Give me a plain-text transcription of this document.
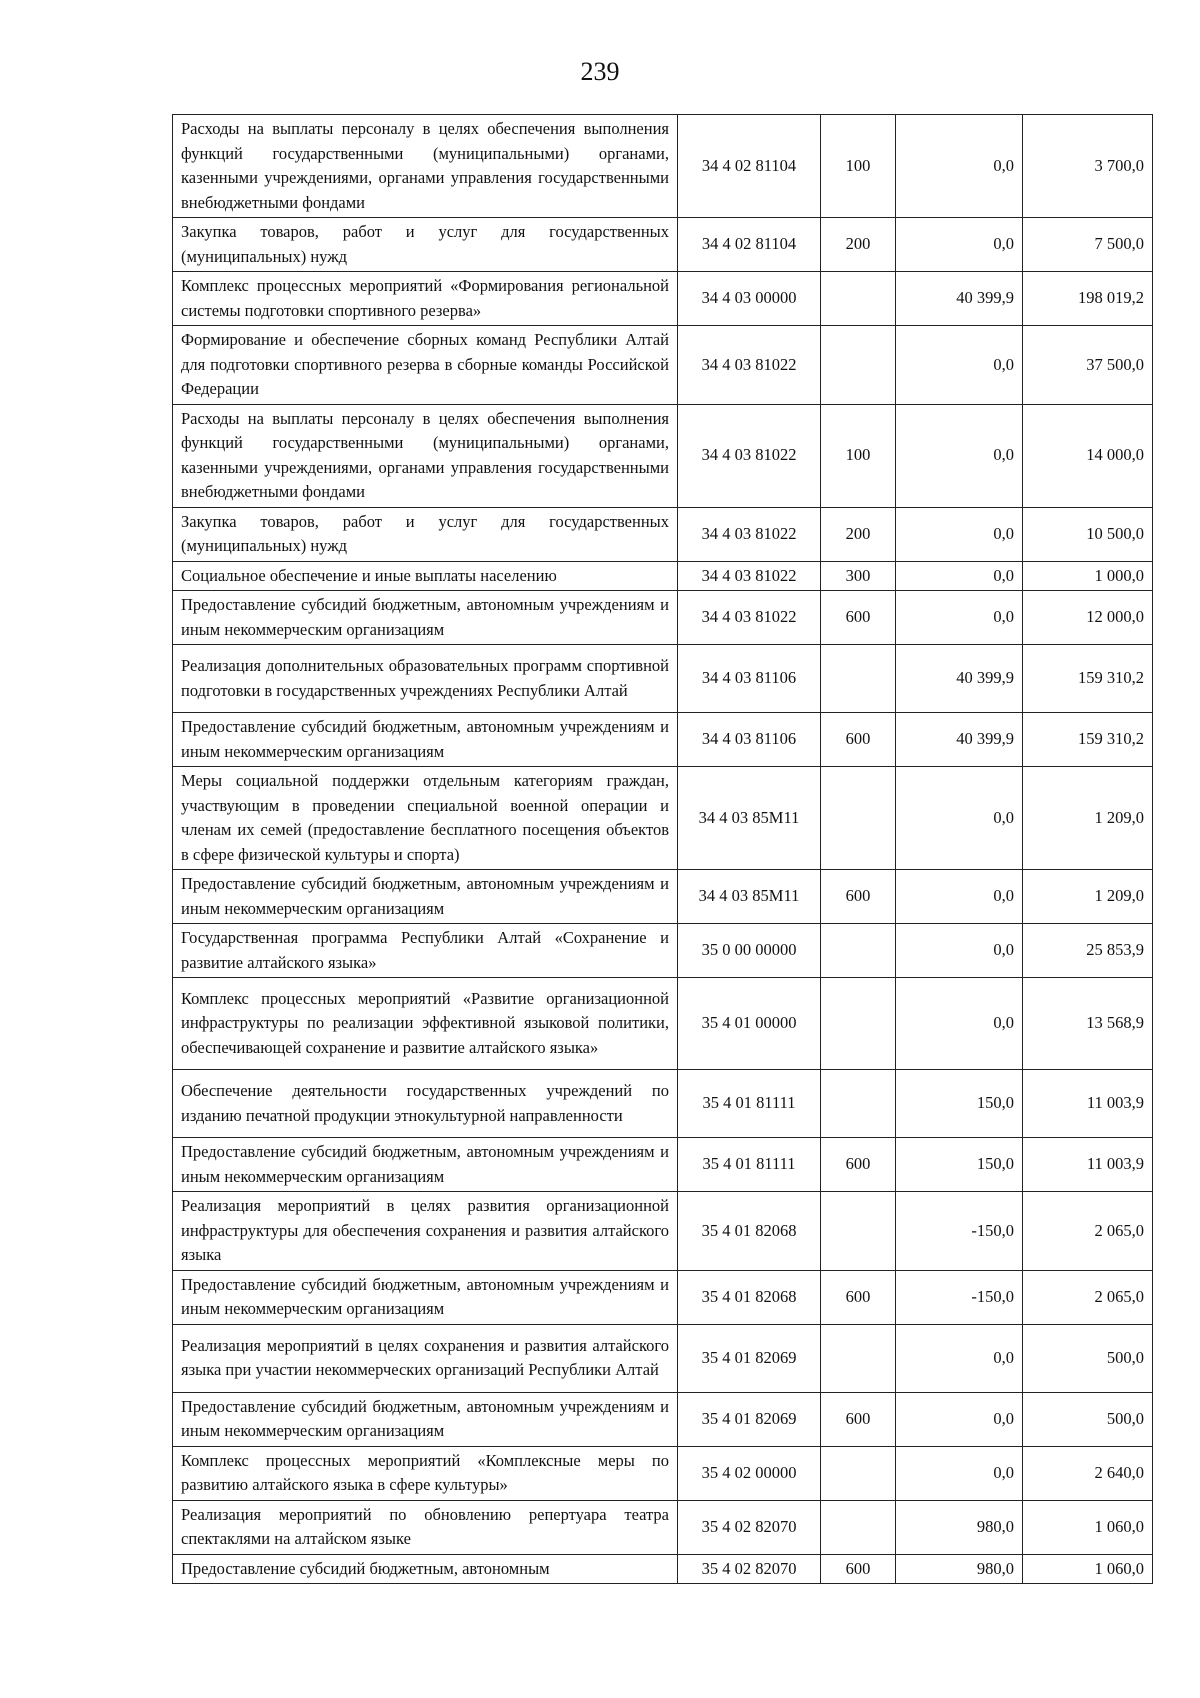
239
Расходы на выплаты персоналу в целях обеспечения выполнения функций государственными (муниципальными) органами, казенными учреждениями, органами управления государственными внебюджетными фондами	34 4 02 81104	100	0,0	3 700,0
Закупка товаров, работ и услуг для государственных (муниципальных) нужд	34 4 02 81104	200	0,0	7 500,0
Комплекс процессных мероприятий «Формирования региональной системы подготовки спортивного резерва»	34 4 03 00000		40 399,9	198 019,2
Формирование и обеспечение сборных команд Республики Алтай для подготовки спортивного резерва в сборные команды Российской Федерации	34 4 03 81022		0,0	37 500,0
Расходы на выплаты персоналу в целях обеспечения выполнения функций государственными (муниципальными) органами, казенными учреждениями, органами управления государственными внебюджетными фондами	34 4 03 81022	100	0,0	14 000,0
Закупка товаров, работ и услуг для государственных (муниципальных) нужд	34 4 03 81022	200	0,0	10 500,0
Социальное обеспечение и иные выплаты населению	34 4 03 81022	300	0,0	1 000,0
Предоставление субсидий бюджетным, автономным учреждениям и иным некоммерческим организациям	34 4 03 81022	600	0,0	12 000,0
Реализация дополнительных образовательных программ спортивной подготовки в государственных учреждениях Республики Алтай	34 4 03 81106		40 399,9	159 310,2
Предоставление субсидий бюджетным, автономным учреждениям и иным некоммерческим организациям	34 4 03 81106	600	40 399,9	159 310,2
Меры социальной поддержки отдельным категориям граждан, участвующим в проведении специальной военной операции и членам их семей (предоставление бесплатного посещения объектов в сфере физической культуры и спорта)	34 4 03 85М11		0,0	1 209,0
Предоставление субсидий бюджетным, автономным учреждениям и иным некоммерческим организациям	34 4 03 85М11	600	0,0	1 209,0
Государственная программа Республики Алтай «Сохранение и развитие алтайского языка»	35 0 00 00000		0,0	25 853,9
Комплекс процессных мероприятий «Развитие организационной инфраструктуры по реализации эффективной языковой политики, обеспечивающей сохранение и развитие алтайского языка»	35 4 01 00000		0,0	13 568,9
Обеспечение деятельности государственных учреждений по изданию печатной продукции этнокультурной направленности	35 4 01 81111		150,0	11 003,9
Предоставление субсидий бюджетным, автономным учреждениям и иным некоммерческим организациям	35 4 01 81111	600	150,0	11 003,9
Реализация мероприятий в целях развития организационной инфраструктуры для обеспечения сохранения и развития алтайского языка	35 4 01 82068		-150,0	2 065,0
Предоставление субсидий бюджетным, автономным учреждениям и иным некоммерческим организациям	35 4 01 82068	600	-150,0	2 065,0
Реализация мероприятий в целях сохранения и развития алтайского языка при участии некоммерческих организаций Республики Алтай	35 4 01 82069		0,0	500,0
Предоставление субсидий бюджетным, автономным учреждениям и иным некоммерческим организациям	35 4 01 82069	600	0,0	500,0
Комплекс процессных мероприятий «Комплексные меры по развитию алтайского языка в сфере культуры»	35 4 02 00000		0,0	2 640,0
Реализация мероприятий по обновлению репертуара театра спектаклями на алтайском языке	35 4 02 82070		980,0	1 060,0
Предоставление субсидий бюджетным, автономным	35 4 02 82070	600	980,0	1 060,0
